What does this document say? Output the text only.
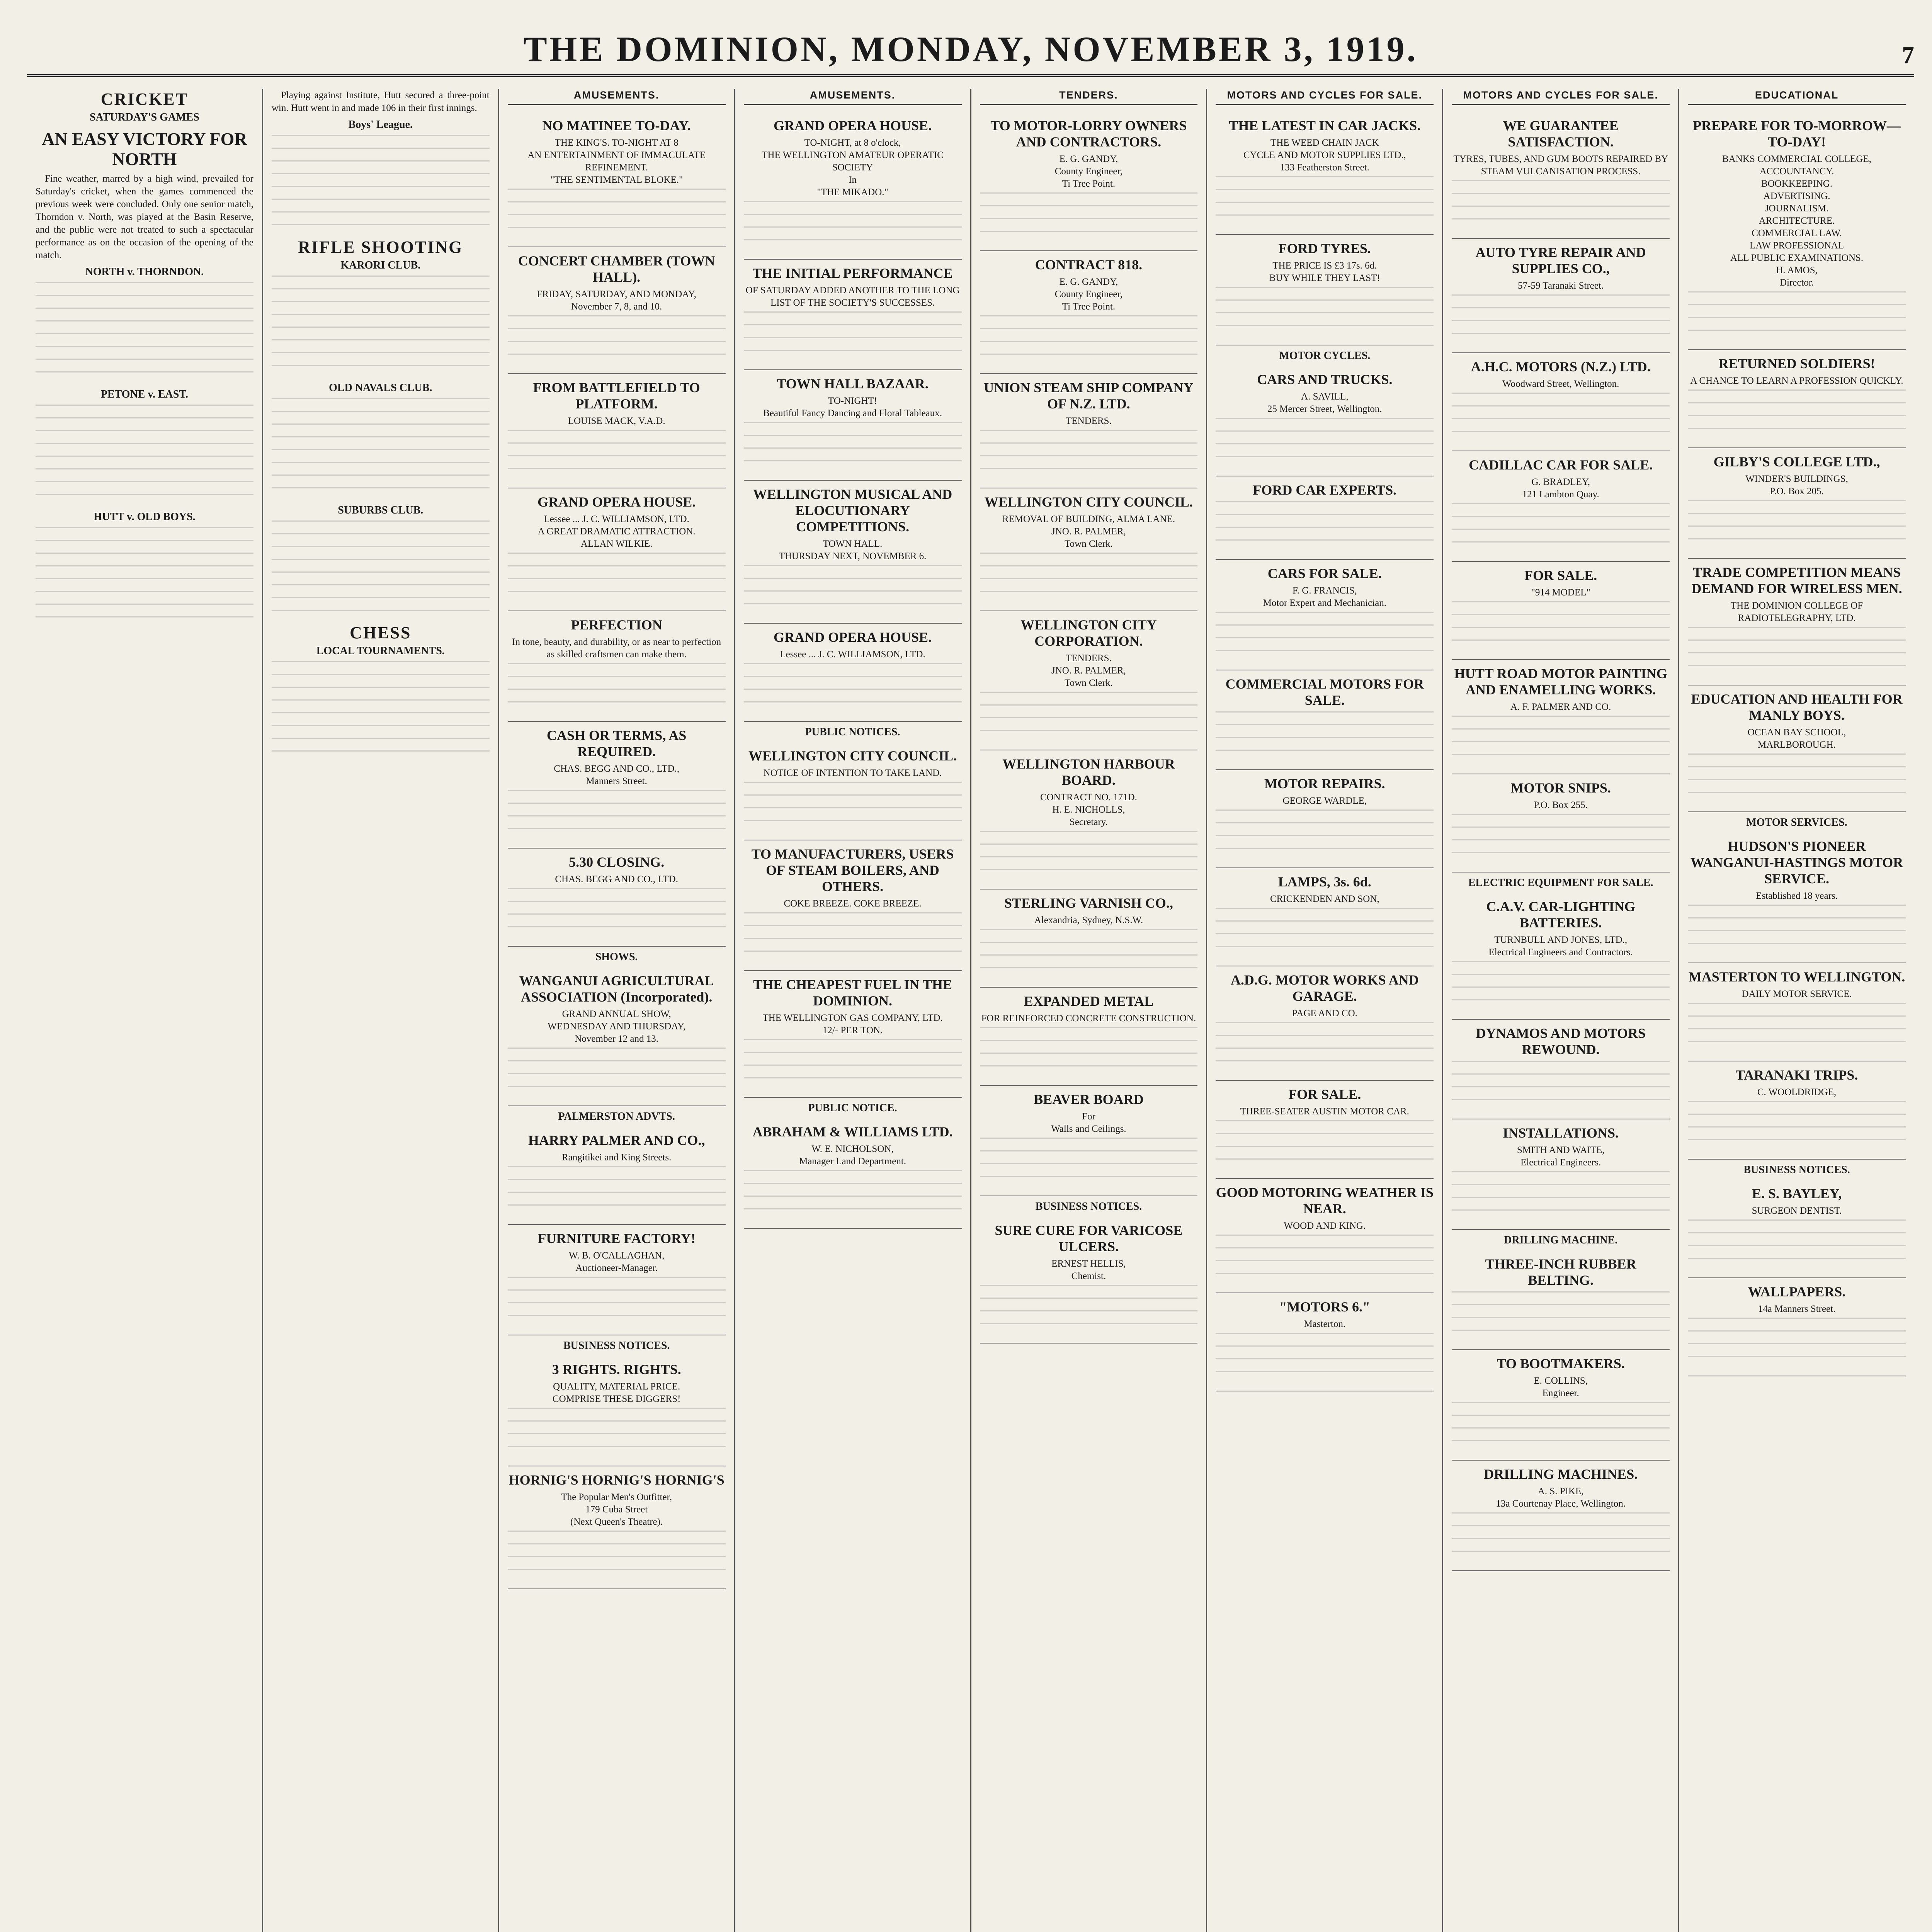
THE DOMINION, MONDAY, NOVEMBER 3, 1919.	7
CRICKET
SATURDAY'S GAMES
AN EASY VICTORY FOR NORTH

Fine weather, marred by a high wind, prevailed for Saturday's cricket, when the games commenced the previous week were concluded. Only one senior match, Thorndon v. North, was played at the Basin Reserve, and the public were not treated to such a spectacular performance as on the occasion of the opening of the match.

NORTH v. THORNDON.
PETONE v. EAST.
HUTT v. OLD BOYS.

Playing against Institute, Hutt secured a three-point win. Hutt went in and made 106 in their first innings.

Boys' League.
RIFLE SHOOTING
KARORI CLUB.
OLD NAVALS CLUB.
SUBURBS CLUB.
CHESS
LOCAL TOURNAMENTS.
AMUSEMENTS.
NO MATINEE TO-DAY.
THE KING'S. TO-NIGHT AT 8
AN ENTERTAINMENT OF IMMACULATE REFINEMENT.
"THE SENTIMENTAL BLOKE."
CONCERT CHAMBER (TOWN HALL).
FRIDAY, SATURDAY, AND MONDAY,
November 7, 8, and 10.
FROM BATTLEFIELD TO PLATFORM.
LOUISE MACK, V.A.D.
GRAND OPERA HOUSE.
Lessee ... J. C. WILLIAMSON, LTD.
A GREAT DRAMATIC ATTRACTION.
ALLAN WILKIE.
PERFECTION
In tone, beauty, and durability, or as near to perfection as skilled craftsmen can make them.
CASH OR TERMS, AS REQUIRED.
CHAS. BEGG AND CO., LTD.,
Manners Street.
5.30 CLOSING.
CHAS. BEGG AND CO., LTD.
SHOWS.
WANGANUI AGRICULTURAL ASSOCIATION (Incorporated).
GRAND ANNUAL SHOW,
WEDNESDAY AND THURSDAY,
November 12 and 13.
PALMERSTON ADVTS.
HARRY PALMER AND CO.,
Rangitikei and King Streets.
FURNITURE FACTORY!
W. B. O'CALLAGHAN,
Auctioneer-Manager.
BUSINESS NOTICES.
3 RIGHTS. RIGHTS.
QUALITY, MATERIAL PRICE.
COMPRISE THESE DIGGERS!
HORNIG'S HORNIG'S HORNIG'S
The Popular Men's Outfitter,
179 Cuba Street
(Next Queen's Theatre).
AMUSEMENTS.
GRAND OPERA HOUSE.
TO-NIGHT, at 8 o'clock,
THE WELLINGTON AMATEUR OPERATIC SOCIETY
In
"THE MIKADO."
THE INITIAL PERFORMANCE
OF SATURDAY ADDED ANOTHER TO THE LONG LIST OF THE SOCIETY'S SUCCESSES.
TOWN HALL BAZAAR.
TO-NIGHT!
Beautiful Fancy Dancing and Floral Tableaux.
WELLINGTON MUSICAL AND ELOCUTIONARY COMPETITIONS.
TOWN HALL.
THURSDAY NEXT, NOVEMBER 6.
GRAND OPERA HOUSE.
Lessee ... J. C. WILLIAMSON, LTD.
PUBLIC NOTICES.
WELLINGTON CITY COUNCIL.
NOTICE OF INTENTION TO TAKE LAND.
TO MANUFACTURERS, USERS OF STEAM BOILERS, AND OTHERS.
COKE BREEZE. COKE BREEZE.
THE CHEAPEST FUEL IN THE DOMINION.
THE WELLINGTON GAS COMPANY, LTD.
12/- PER TON.
PUBLIC NOTICE.
ABRAHAM & WILLIAMS LTD.
W. E. NICHOLSON,
Manager Land Department.
TENDERS.
TO MOTOR-LORRY OWNERS AND CONTRACTORS.
E. G. GANDY,
County Engineer,
Ti Tree Point.
CONTRACT 818.
E. G. GANDY,
County Engineer,
Ti Tree Point.
UNION STEAM SHIP COMPANY OF N.Z. LTD.
TENDERS.
WELLINGTON CITY COUNCIL.
REMOVAL OF BUILDING, ALMA LANE.
JNO. R. PALMER,
Town Clerk.
WELLINGTON CITY CORPORATION.
TENDERS.
JNO. R. PALMER,
Town Clerk.
WELLINGTON HARBOUR BOARD.
CONTRACT NO. 171D.
H. E. NICHOLLS,
Secretary.
STERLING VARNISH CO.,
Alexandria, Sydney, N.S.W.
EXPANDED METAL
FOR REINFORCED CONCRETE CONSTRUCTION.
BEAVER BOARD
For
Walls and Ceilings.
BUSINESS NOTICES.
SURE CURE FOR VARICOSE ULCERS.
ERNEST HELLIS,
Chemist.
MOTORS AND CYCLES FOR SALE.
THE LATEST IN CAR JACKS.
THE WEED CHAIN JACK
CYCLE AND MOTOR SUPPLIES LTD.,
133 Featherston Street.
FORD TYRES.
THE PRICE IS £3 17s. 6d.
BUY WHILE THEY LAST!
MOTOR CYCLES.
CARS AND TRUCKS.
A. SAVILL,
25 Mercer Street, Wellington.
FORD CAR EXPERTS.
CARS FOR SALE.
F. G. FRANCIS,
Motor Expert and Mechanician.
COMMERCIAL MOTORS FOR SALE.
MOTOR REPAIRS.
GEORGE WARDLE,
LAMPS, 3s. 6d.
CRICKENDEN AND SON,
A.D.G. MOTOR WORKS AND GARAGE.
PAGE AND CO.
FOR SALE.
THREE-SEATER AUSTIN MOTOR CAR.
GOOD MOTORING WEATHER IS NEAR.
WOOD AND KING.
"MOTORS 6."
Masterton.
MOTORS AND CYCLES FOR SALE.
WE GUARANTEE SATISFACTION.
TYRES, TUBES, AND GUM BOOTS REPAIRED BY STEAM VULCANISATION PROCESS.
AUTO TYRE REPAIR AND SUPPLIES CO.,
57-59 Taranaki Street.
A.H.C. MOTORS (N.Z.) LTD.
Woodward Street, Wellington.
CADILLAC CAR FOR SALE.
G. BRADLEY,
121 Lambton Quay.
FOR SALE.
"914 MODEL"
HUTT ROAD MOTOR PAINTING AND ENAMELLING WORKS.
A. F. PALMER AND CO.
MOTOR SNIPS.
P.O. Box 255.
ELECTRIC EQUIPMENT FOR SALE.
C.A.V. CAR-LIGHTING BATTERIES.
TURNBULL AND JONES, LTD.,
Electrical Engineers and Contractors.
DYNAMOS AND MOTORS REWOUND.
INSTALLATIONS.
SMITH AND WAITE,
Electrical Engineers.
DRILLING MACHINE.
THREE-INCH RUBBER BELTING.
TO BOOTMAKERS.
E. COLLINS,
Engineer.
DRILLING MACHINES.
A. S. PIKE,
13a Courtenay Place, Wellington.
EDUCATIONAL
PREPARE FOR TO-MORROW—TO-DAY!
BANKS COMMERCIAL COLLEGE,
ACCOUNTANCY.
BOOKKEEPING.
ADVERTISING.
JOURNALISM.
ARCHITECTURE.
COMMERCIAL LAW.
LAW PROFESSIONAL
ALL PUBLIC EXAMINATIONS.
H. AMOS,
Director.
RETURNED SOLDIERS!
A CHANCE TO LEARN A PROFESSION QUICKLY.
GILBY'S COLLEGE LTD.,
WINDER'S BUILDINGS,
P.O. Box 205.
TRADE COMPETITION MEANS DEMAND FOR WIRELESS MEN.
THE DOMINION COLLEGE OF RADIOTELEGRAPHY, LTD.
EDUCATION AND HEALTH FOR MANLY BOYS.
OCEAN BAY SCHOOL,
MARLBOROUGH.
MOTOR SERVICES.
HUDSON'S PIONEER WANGANUI-HASTINGS MOTOR SERVICE.
Established 18 years.
MASTERTON TO WELLINGTON.
DAILY MOTOR SERVICE.
TARANAKI TRIPS.
C. WOOLDRIDGE,
BUSINESS NOTICES.
E. S. BAYLEY,
SURGEON DENTIST.
WALLPAPERS.
14a Manners Street.
